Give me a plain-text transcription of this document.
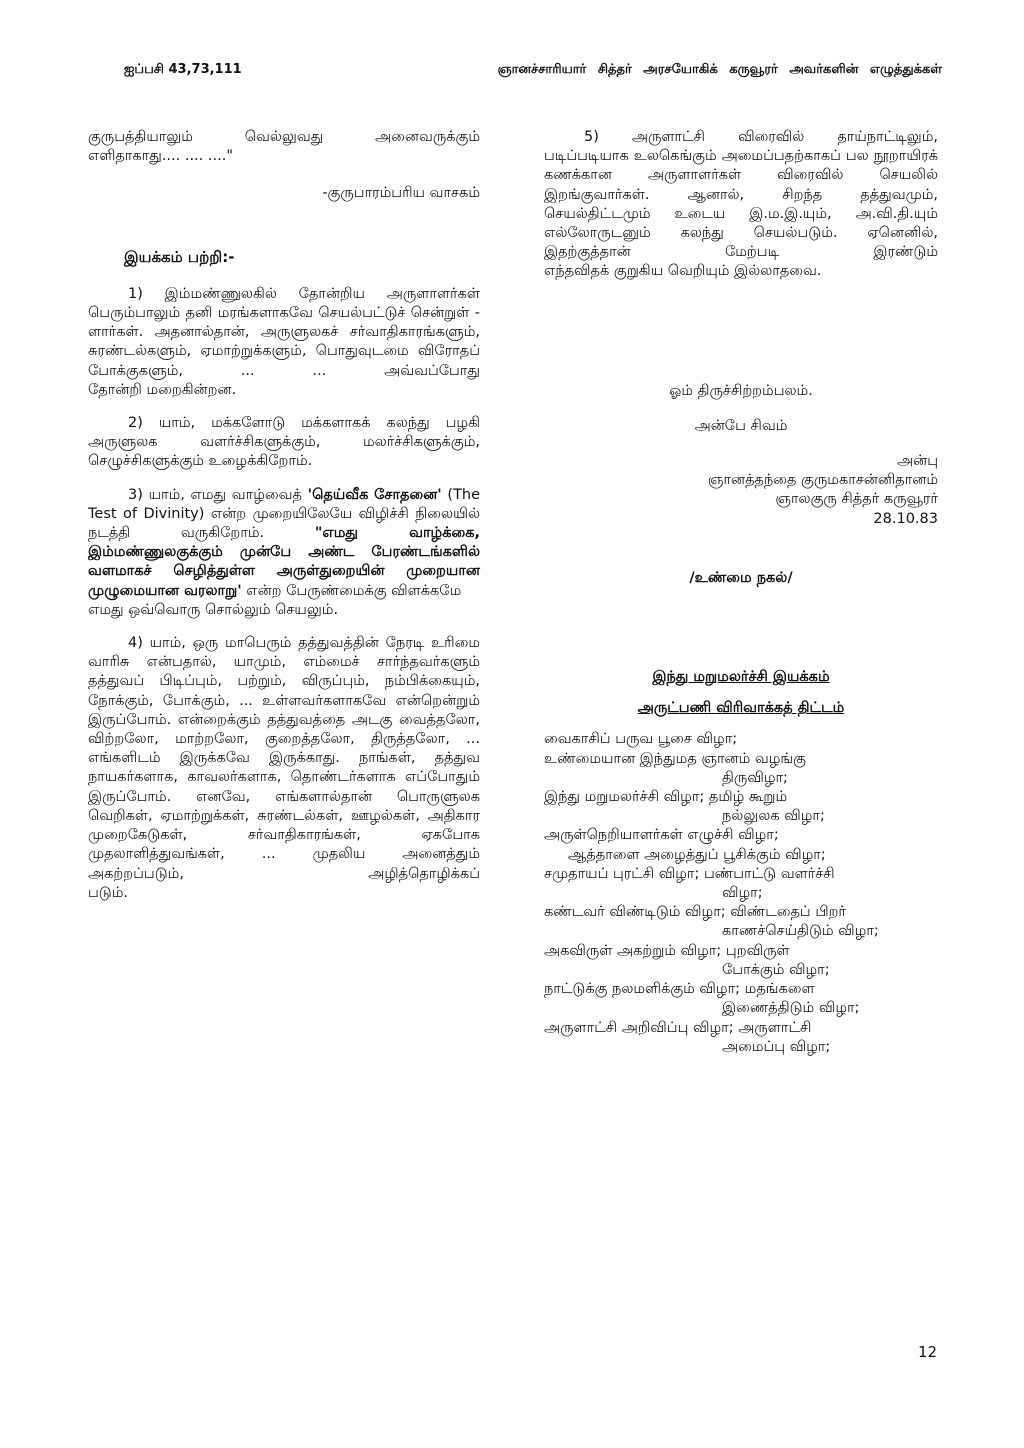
ஐப்பசி 43,73,111	ஞானச்சாரியார் சித்தர் அரசயோகிக் கருவூரர் அவர்களின் எழுத்துக்கள்

குருபத்தியாலும் வெல்லுவது அனைவருக்கும்

எளிதாகாது.... .... ...."

-குருபாரம்பரிய வாசகம்

இயக்கம் பற்றி:-

1) இம்மண்ணுலகில் தோன்றிய அருளாளர்கள் பெரும்பாலும் தனி மரங்களாகவே செயல்பட்டுச் சென்றுள் - ளார்கள். அதனால்தான், அருளுலகச் சர்வாதிகாரங்களும், சுரண்டல்களும், ஏமாற்றுக்களும், பொதுவுடமை விரோதப் போக்குகளும், ... ... அவ்வப்போது

தோன்றி மறைகின்றன.

2) யாம், மக்களோடு மக்களாகக் கலந்து பழகி அருளுலக வளர்ச்சிகளுக்கும், மலர்ச்சிகளுக்கும்,

செழுச்சிகளுக்கும் உழைக்கிறோம்.

3) யாம், எமது வாழ்வைத் 'தெய்வீக சோதனை' (The Test of Divinity) என்ற முறையிலேயே விழிச்சி நிலையில் நடத்தி வருகிறோம்.	"எமது வாழ்க்கை, இம்மண்ணுலகுக்கும் முன்பே அண்ட பேரண்டங்களில் வளமாகச் செழித்துள்ள அருள்துறையின் முறையான முழுமையான வரலாறு' என்ற பேருண்மைக்கு விளக்கமே

எமது ஒவ்வொரு சொல்லும் செயலும்.

4) யாம், ஒரு மாபெரும் தத்துவத்தின் நேரடி உரிமை வாரிசு என்பதால், யாமும், எம்மைச் சார்ந்தவர்களும் தத்துவப் பிடிப்பும், பற்றும், விருப்பும், நம்பிக்கையும், நோக்கும், போக்கும், ... உள்ளவர்களாகவே என்றென்றும் இருப்போம். என்றைக்கும் தத்துவத்தை அடகு வைத்தலோ, விற்றலோ, மாற்றலோ, குறைத்தலோ, திருத்தலோ, ... எங்களிடம் இருக்கவே இருக்காது. நாங்கள், தத்துவ நாயகர்களாக, காவலர்களாக, தொண்டர்களாக எப்போதும் இருப்போம். எனவே, எங்களால்தான் பொருளுலக வெறிகள், ஏமாற்றுக்கள், சுரண்டல்கள், ஊழல்கள், அதிகார முறைகேடுகள், சர்வாதிகாரங்கள், ஏகபோக முதலாளித்துவங்கள், ... முதலிய அனைத்தும் அகற்றப்படும், அழித்தொழிக்கப்

படும்.

5) அருளாட்சி விரைவில் தாய்நாட்டிலும், படிப்படியாக உலகெங்கும் அமைப்பதற்காகப் பல நூறாயிரக் கணக்கான அருளாளர்கள் விரைவில் செயலில் இறங்குவார்கள். ஆனால், சிறந்த தத்துவமும், செயல்திட்டமும் உடைய இ.ம.இ.யும், அ.வி.தி.யும் எல்லோருடனும் கலந்து செயல்படும். ஏனெனில், இதற்குத்தான் மேற்படி இரண்டும்

எந்தவிதக் குறுகிய வெறியும் இல்லாதவை.

ஓம் திருச்சிற்றம்பலம்.

அன்பே சிவம்

அன்பு

ஞானத்தந்தை குருமகாசன்னிதானம்

ஞாலகுரு சித்தர் கருவூரர்

28.10.83

/உண்மை நகல்/

இந்து மறுமலர்ச்சி இயக்கம்

அருட்பணி விரிவாக்கத் திட்டம்

வைகாசிப் பருவ பூசை விழா;

உண்மையான இந்துமத ஞானம் வழங்கு

திருவிழா;

இந்து மறுமலர்ச்சி விழா; தமிழ் கூறும்

நல்லுலக விழா;

அருள்நெறியாளர்கள் எழுச்சி விழா;

ஆத்தாளை அழைத்துப் பூசிக்கும் விழா;

சமுதாயப் புரட்சி விழா; பண்பாட்டு வளர்ச்சி

விழா;

கண்டவர் விண்டிடும் விழா; விண்டதைப் பிறர்

காணச்செய்திடும் விழா;

அகவிருள் அகற்றும் விழா; புறவிருள்

போக்கும் விழா;

நாட்டுக்கு நலமளிக்கும் விழா; மதங்களை

இணைத்திடும் விழா;

அருளாட்சி அறிவிப்பு விழா; அருளாட்சி

அமைப்பு விழா;

12
